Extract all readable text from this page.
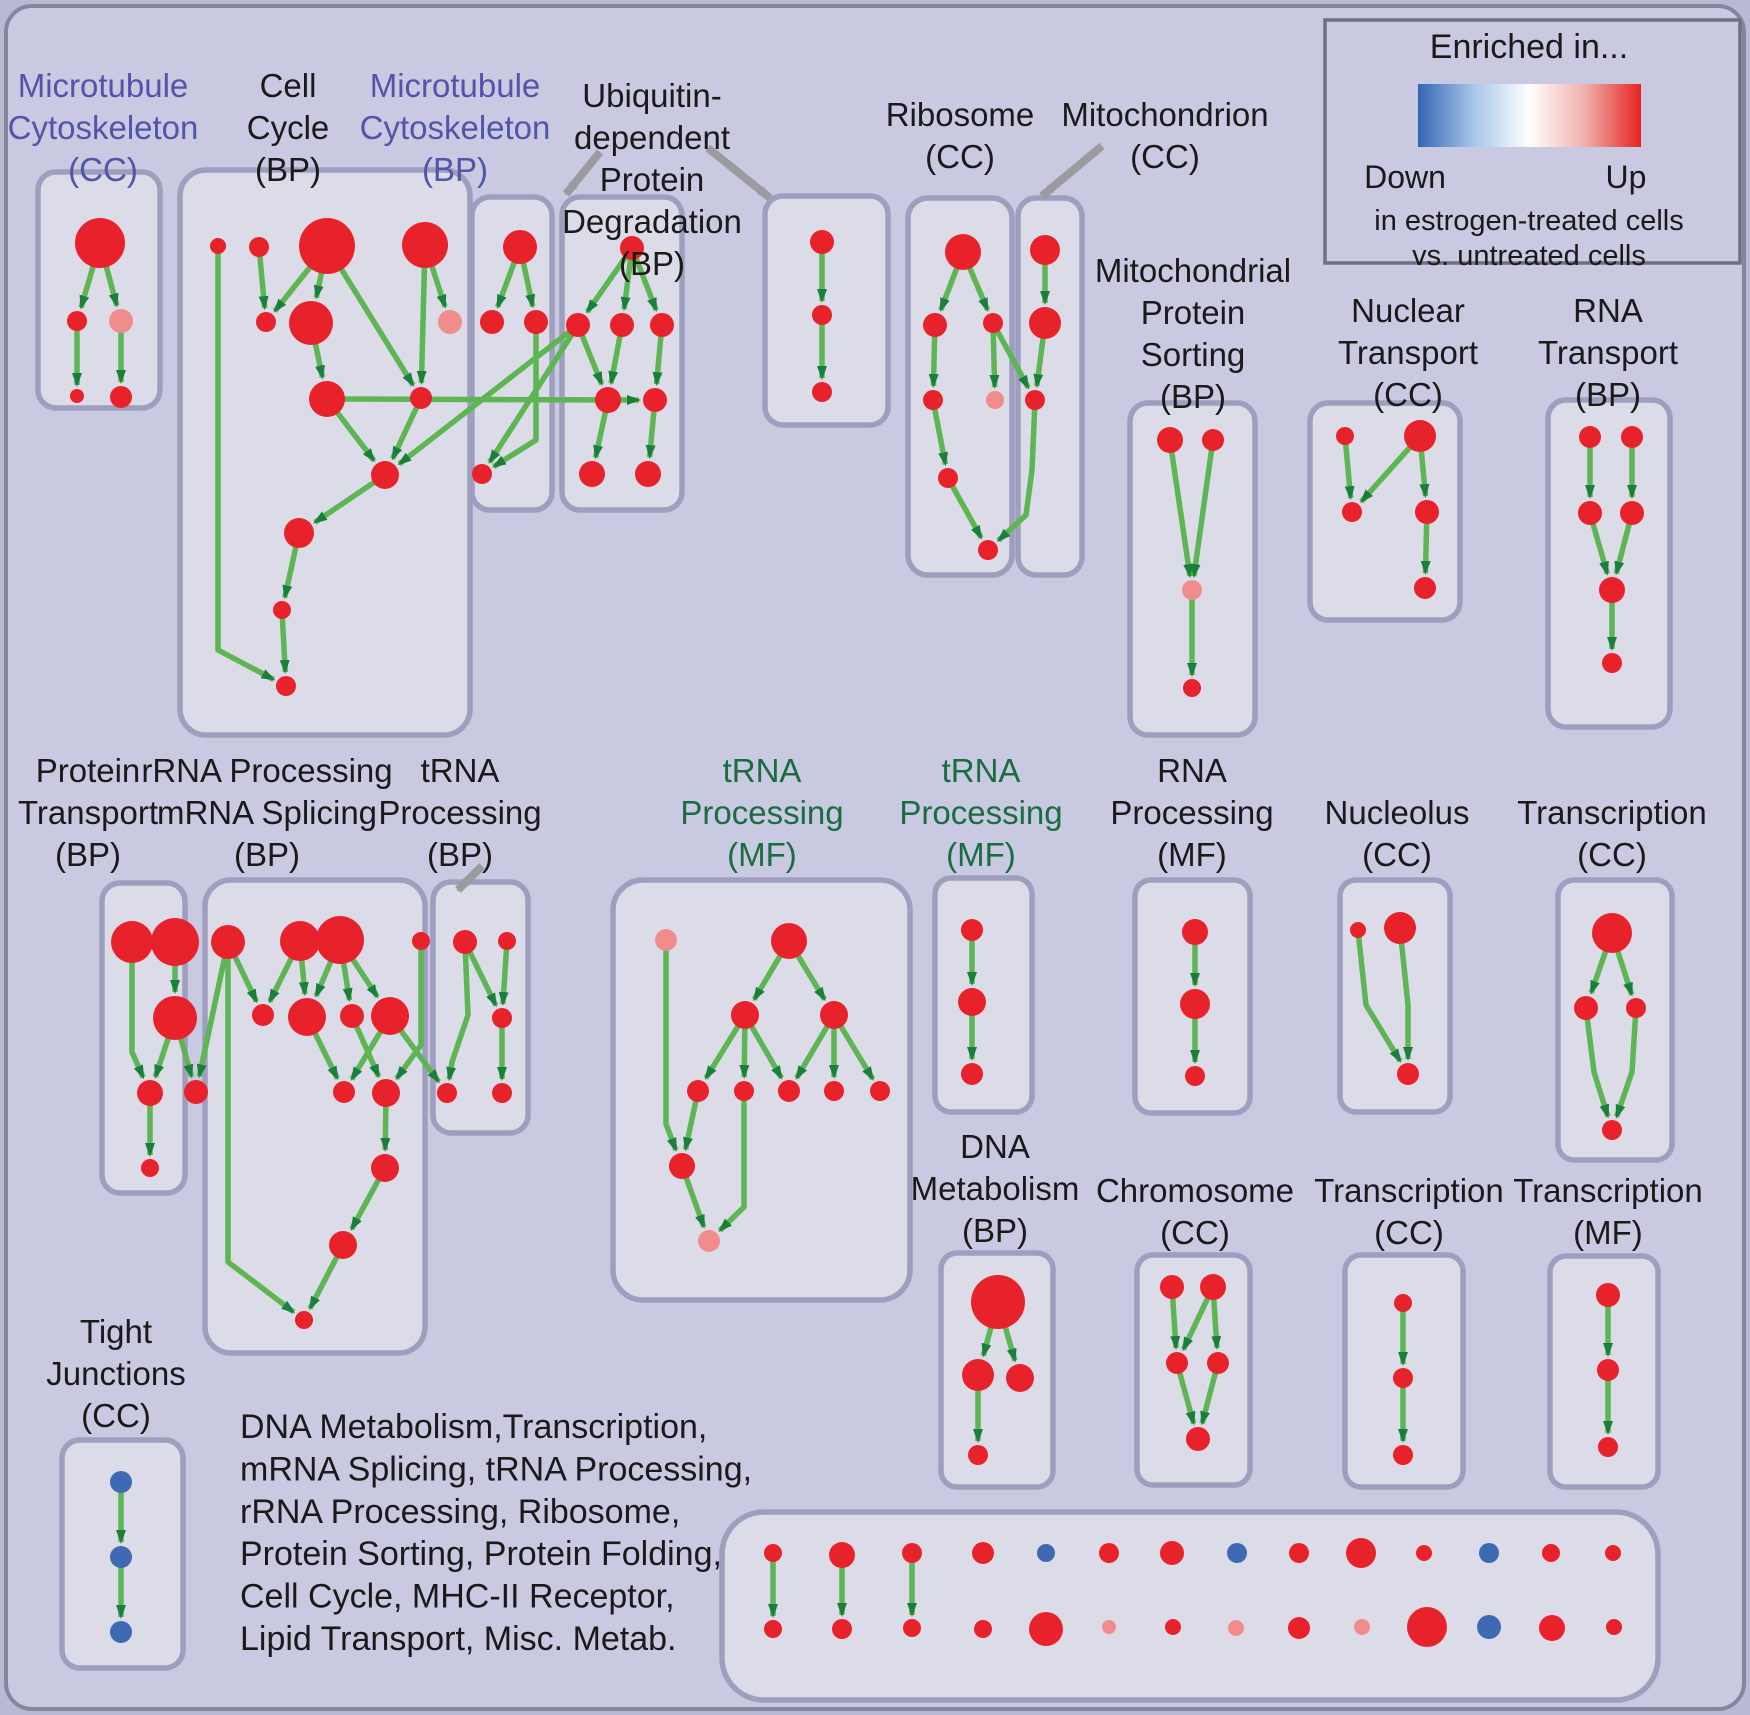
Enriched in...
Down	Up
in estrogen-treated cells
vs. untreated cells
Microtubule
Cytoskeleton
(CC)
Cell
Cycle
(BP)
Microtubule
Cytoskeleton
(BP)
Ubiquitin-
dependent
Protein
Degradation
(BP)
Ribosome
(CC)
Mitochondrion
(CC)
Mitochondrial
Protein
Sorting
(BP)
Nuclear
Transport
(CC)
RNA
Transport
(BP)
Protein
Transport
(BP)
rRNA Processing
mRNA Splicing
(BP)
tRNA
Processing
(BP)
tRNA
Processing
(MF)
tRNA
Processing
(MF)
RNA
Processing
(MF)
Nucleolus
(CC)
Transcription
(CC)
DNA
Metabolism
(BP)
Chromosome
(CC)
Transcription
(CC)
Transcription
(MF)
Tight
Junctions
(CC)	DNA Metabolism,Transcription,
mRNA Splicing, tRNA Processing,
rRNA Processing, Ribosome,
Protein Sorting, Protein Folding,
Cell Cycle, MHC-II Receptor,
Lipid Transport, Misc. Metab.
